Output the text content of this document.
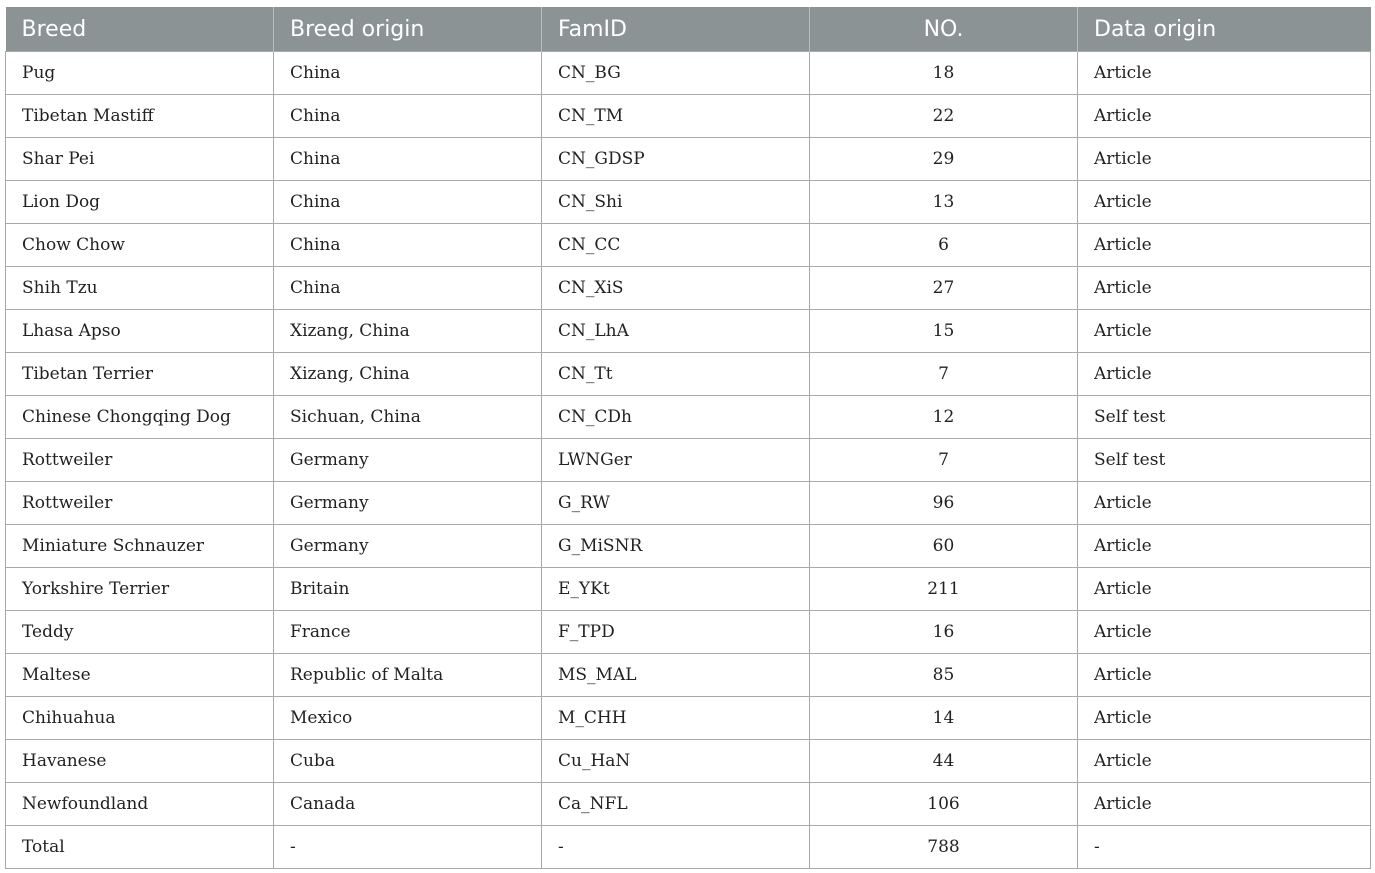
Breed	Breed origin	FamID	NO.	Data origin
Pug	China	CN_BG	18	Article
Tibetan Mastiff	China	CN_TM	22	Article
Shar Pei	China	CN_GDSP	29	Article
Lion Dog	China	CN_Shi	13	Article
Chow Chow	China	CN_CC	6	Article
Shih Tzu	China	CN_XiS	27	Article
Lhasa Apso	Xizang, China	CN_LhA	15	Article
Tibetan Terrier	Xizang, China	CN_Tt	7	Article
Chinese Chongqing Dog	Sichuan, China	CN_CDh	12	Self test
Rottweiler	Germany	LWNGer	7	Self test
Rottweiler	Germany	G_RW	96	Article
Miniature Schnauzer	Germany	G_MiSNR	60	Article
Yorkshire Terrier	Britain	E_YKt	211	Article
Teddy	France	F_TPD	16	Article
Maltese	Republic of Malta	MS_MAL	85	Article
Chihuahua	Mexico	M_CHH	14	Article
Havanese	Cuba	Cu_HaN	44	Article
Newfoundland	Canada	Ca_NFL	106	Article
Total	-	-	788	-
